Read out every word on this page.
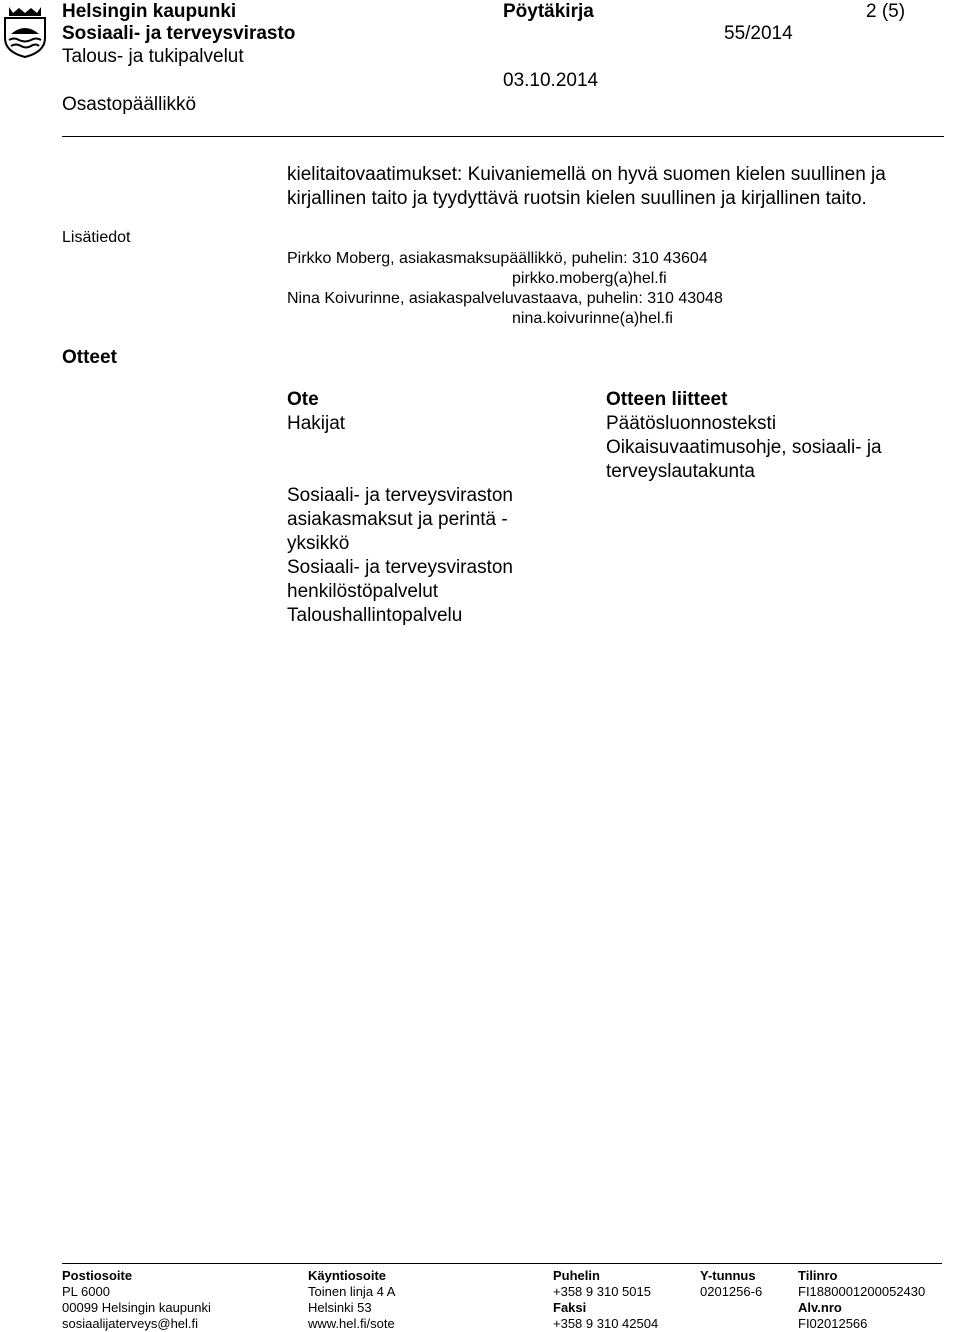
Helsingin kaupunki
Sosiaali- ja terveysvirasto
Talous- ja tukipalvelut
Osastopäällikkö
Pöytäkirja	2 (5)
55/2014
03.10.2014
kielitaitovaatimukset: Kuivaniemellä on hyvä suomen kielen suullinen ja
kirjallinen taito ja tyydyttävä ruotsin kielen suullinen ja kirjallinen taito.
Lisätiedot
Pirkko Moberg, asiakasmaksupäällikkö, puhelin: 310 43604
pirkko.moberg(a)hel.fi
Nina Koivurinne, asiakaspalveluvastaava, puhelin: 310 43048
nina.koivurinne(a)hel.fi
Otteet
Ote
Hakijat
Sosiaali- ja terveysviraston
asiakasmaksut ja perintä -
yksikkö
Sosiaali- ja terveysviraston
henkilöstöpalvelut
Taloushallintopalvelu
Otteen liitteet
Päätösluonnosteksti
Oikaisuvaatimusohje, sosiaali- ja
terveyslautakunta
Postiosoite
PL 6000
00099 Helsingin kaupunki
sosiaalijaterveys@hel.fi
Käyntiosoite
Toinen linja 4 A
Helsinki 53
www.hel.fi/sote
Puhelin
+358 9 310 5015
Faksi
+358 9 310 42504
Y-tunnus
0201256-6
Tilinro
FI1880001200052430
Alv.nro
FI02012566
